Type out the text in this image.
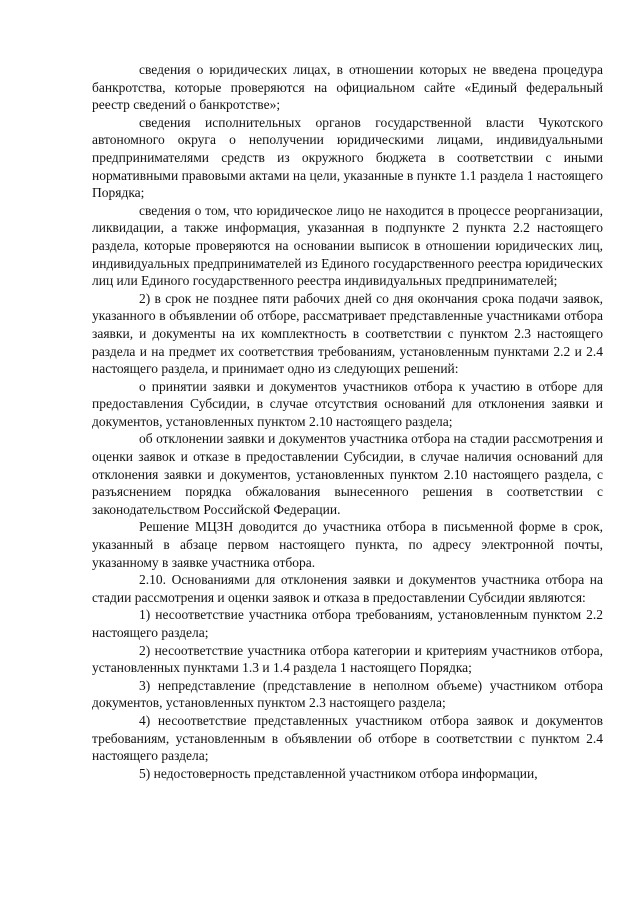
сведения о юридических лицах, в отношении которых не введена процедура банкротства, которые проверяются на официальном сайте «Единый федеральный реестр сведений о банкротстве»;

сведения исполнительных органов государственной власти Чукотского автономного округа о неполучении юридическими лицами, индивидуальными предпринимателями средств из окружного бюджета в соответствии с иными нормативными правовыми актами на цели, указанные в пункте 1.1 раздела 1 настоящего Порядка;

сведения о том, что юридическое лицо не находится в процессе реорганизации, ликвидации, а также информация, указанная в подпункте 2 пункта 2.2 настоящего раздела, которые проверяются на основании выписок в отношении юридических лиц, индивидуальных предпринимателей из Единого государственного реестра юридических лиц или Единого государственного реестра индивидуальных предпринимателей;

2) в срок не позднее пяти рабочих дней со дня окончания срока подачи заявок, указанного в объявлении об отборе, рассматривает представленные участниками отбора заявки, и документы на их комплектность в соответствии с пунктом 2.3 настоящего раздела и на предмет их соответствия требованиям, установленным пунктами 2.2 и 2.4 настоящего раздела, и принимает одно из следующих решений:

о принятии заявки и документов участников отбора к участию в отборе для предоставления Субсидии, в случае отсутствия оснований для отклонения заявки и документов, установленных пунктом 2.10 настоящего раздела;

об отклонении заявки и документов участника отбора на стадии рассмотрения и оценки заявок и отказе в предоставлении Субсидии, в случае наличия оснований для отклонения заявки и документов, установленных пунктом 2.10 настоящего раздела, с разъяснением порядка обжалования вынесенного решения в соответствии с законодательством Российской Федерации.

Решение МЦЗН доводится до участника отбора в письменной форме в срок, указанный в абзаце первом настоящего пункта, по адресу электронной почты, указанному в заявке участника отбора.

2.10. Основаниями для отклонения заявки и документов участника отбора на стадии рассмотрения и оценки заявок и отказа в предоставлении Субсидии являются:

1) несоответствие участника отбора требованиям, установленным пунктом 2.2 настоящего раздела;

2) несоответствие участника отбора категории и критериям участников отбора, установленных пунктами 1.3 и 1.4 раздела 1 настоящего Порядка;

3) непредставление (представление в неполном объеме) участником отбора документов, установленных пунктом 2.3 настоящего раздела;

4) несоответствие представленных участником отбора заявок и документов требованиям, установленным в объявлении об отборе в соответствии с пунктом 2.4 настоящего раздела;

5) недостоверность представленной участником отбора информации,
